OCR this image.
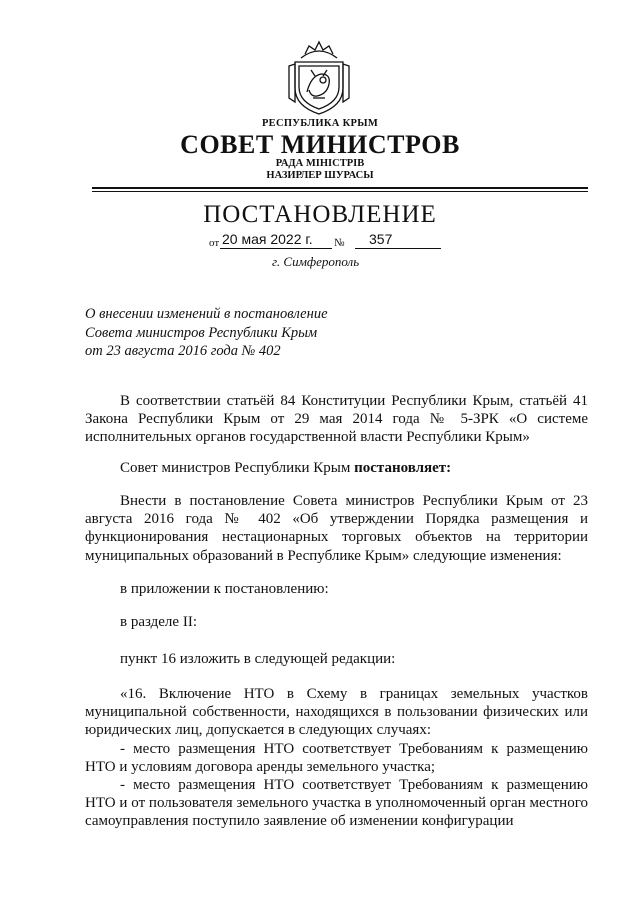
РЕСПУБЛИКА КРЫМ
СОВЕТ МИНИСТРОВ
РАДА МІНІСТРІВ
НАЗИРЛЕР ШУРАСЫ
ПОСТАНОВЛЕНИЕ
от 20 мая 2022 г. № 357
г. Симферополь
О внесении изменений в постановление
Совета министров Республики Крым
от 23 августа 2016 года № 402

В соответствии статьёй 84 Конституции Республики Крым, статьёй 41 Закона Республики Крым от 29 мая 2014 года № 5-ЗРК «О системе исполнительных органов государственной власти Республики Крым»

Совет министров Республики Крым постановляет:

Внести в постановление Совета министров Республики Крым от 23 августа 2016 года № 402 «Об утверждении Порядка размещения и функционирования нестационарных торговых объектов на территории муниципальных образований в Республике Крым» следующие изменения:

в приложении к постановлению:

в разделе II:

пункт 16 изложить в следующей редакции:

«16. Включение НТО в Схему в границах земельных участков муниципальной собственности, находящихся в пользовании физических или юридических лиц, допускается в следующих случаях:

- место размещения НТО соответствует Требованиям к размещению НТО и условиям договора аренды земельного участка;

- место размещения НТО соответствует Требованиям к размещению НТО и от пользователя земельного участка в уполномоченный орган местного самоуправления поступило заявление об изменении конфигурации
